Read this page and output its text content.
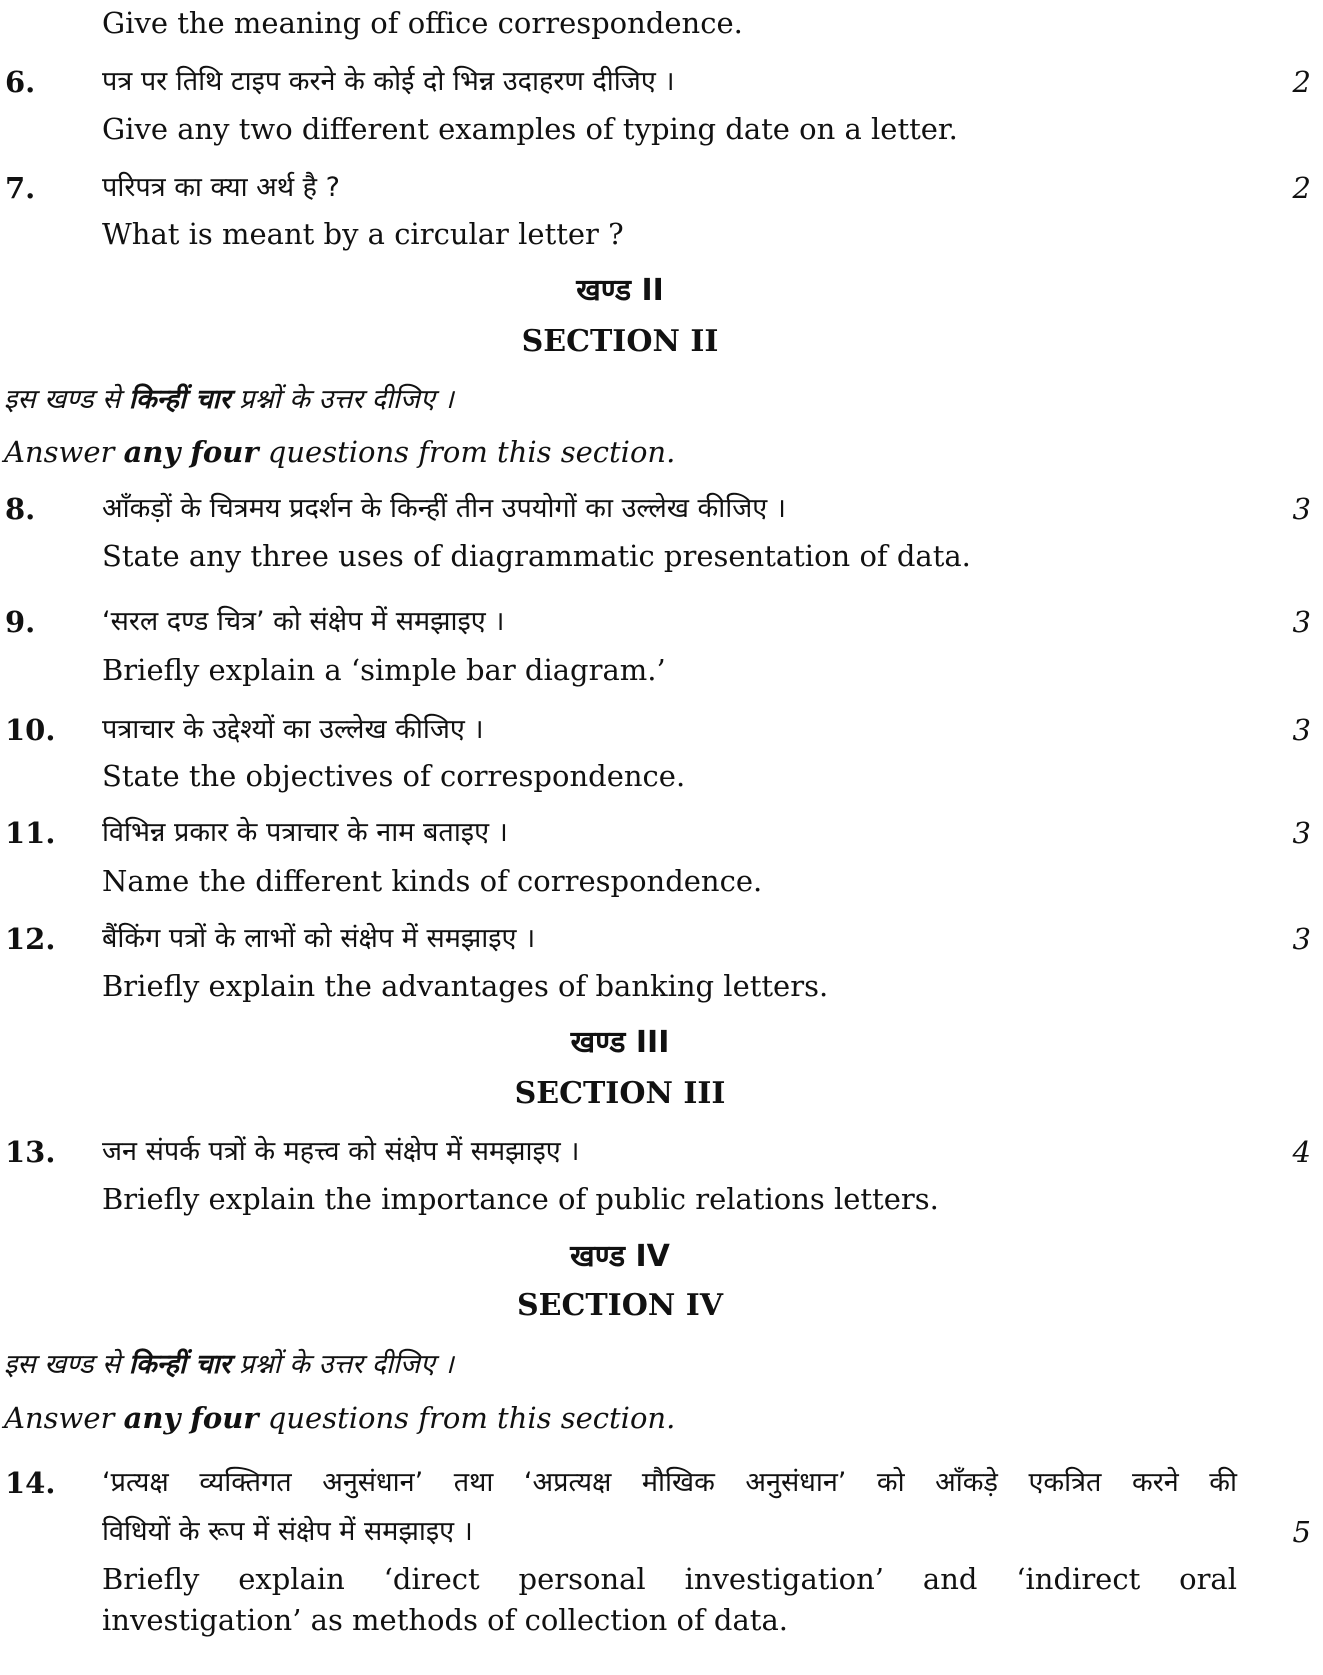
Give the meaning of office correspondence.
6. पत्र पर तिथि टाइप करने के कोई दो भिन्न उदाहरण दीजिए ।	2
Give any two different examples of typing date on a letter.
7. परिपत्र का क्या अर्थ है ?	2
What is meant by a circular letter ?
खण्ड II
SECTION II
इस खण्ड से किन्हीं चार प्रश्नों के उत्तर दीजिए ।
Answer any four questions from this section.
8. आँकड़ों के चित्रमय प्रदर्शन के किन्हीं तीन उपयोगों का उल्लेख कीजिए ।	3
State any three uses of diagrammatic presentation of data.
9. ‘सरल दण्ड चित्र’ को संक्षेप में समझाइए ।	3
Briefly explain a ‘simple bar diagram.’
10. पत्राचार के उद्देश्यों का उल्लेख कीजिए ।	3
State the objectives of correspondence.
11. विभिन्न प्रकार के पत्राचार के नाम बताइए ।	3
Name the different kinds of correspondence.
12. बैंकिंग पत्रों के लाभों को संक्षेप में समझाइए ।	3
Briefly explain the advantages of banking letters.
खण्ड III
SECTION III
13. जन संपर्क पत्रों के महत्त्व को संक्षेप में समझाइए ।	4
Briefly explain the importance of public relations letters.
खण्ड IV
SECTION IV
इस खण्ड से किन्हीं चार प्रश्नों के उत्तर दीजिए ।
Answer any four questions from this section.
14. ‘प्रत्यक्ष व्यक्तिगत अनुसंधान’ तथा ‘अप्रत्यक्ष मौखिक अनुसंधान’ को आँकड़े एकत्रित करने की
विधियों के रूप में संक्षेप में समझाइए ।	5
Briefly explain ‘direct personal investigation’ and ‘indirect oral
investigation’ as methods of collection of data.
